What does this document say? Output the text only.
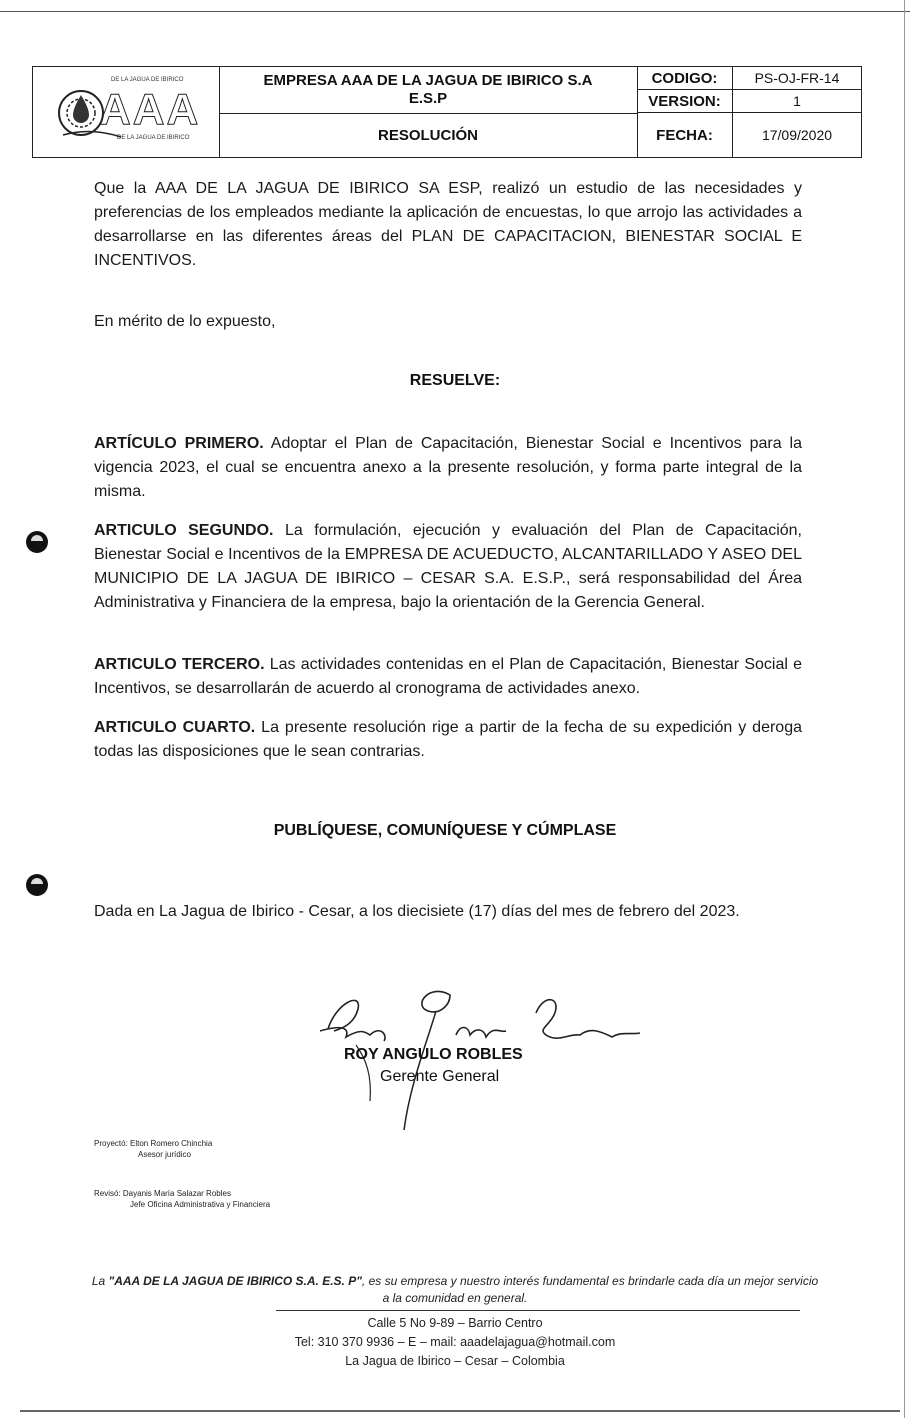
DE LA JAGUA DE IBIRICO
AAA
DE LA JAGUA DE IBIRICO
EMPRESA AAA DE LA JAGUA DE IBIRICO S.A
E.S.P
RESOLUCIÓN
CODIGO:	PS-OJ-FR-14
VERSION:	1
FECHA:	17/09/2020
Que la AAA DE LA JAGUA DE IBIRICO SA ESP, realizó un estudio de las necesidades y preferencias de los empleados mediante la aplicación de encuestas, lo que arrojo las actividades a desarrollarse en las diferentes áreas del PLAN DE CAPACITACION, BIENESTAR SOCIAL E INCENTIVOS.
En mérito de lo expuesto,
RESUELVE:
ARTÍCULO PRIMERO. Adoptar el Plan de Capacitación, Bienestar Social e Incentivos para la vigencia 2023, el cual se encuentra anexo a la presente resolución, y forma parte integral de la misma.
ARTICULO SEGUNDO. La formulación, ejecución y evaluación del Plan de Capacitación, Bienestar Social e Incentivos de la EMPRESA DE ACUEDUCTO, ALCANTARILLADO Y ASEO DEL MUNICIPIO DE LA JAGUA DE IBIRICO – CESAR S.A. E.S.P., será responsabilidad del Área Administrativa y Financiera de la empresa, bajo la orientación de la Gerencia General.
ARTICULO TERCERO. Las actividades contenidas en el Plan de Capacitación, Bienestar Social e Incentivos, se desarrollarán de acuerdo al cronograma de actividades anexo.
ARTICULO CUARTO. La presente resolución rige a partir de la fecha de su expedición y deroga todas las disposiciones que le sean contrarias.
PUBLÍQUESE, COMUNÍQUESE Y CÚMPLASE
Dada en La Jagua de Ibirico - Cesar, a los diecisiete (17) días del mes de febrero del 2023.
ROY ANGULO ROBLES
Gerente General
Proyectó: Elton Romero Chinchia
Asesor jurídico
Revisó: Dayanis María Salazar Robles
Jefe Oficina Administrativa y Financiera
La "AAA DE LA JAGUA DE IBIRICO S.A. E.S. P", es su empresa y nuestro interés fundamental es brindarle cada día un mejor servicio a la comunidad en general.
Calle 5 No 9-89 – Barrio Centro
Tel: 310 370 9936 – E – mail: aaadelajagua@hotmail.com
La Jagua de Ibirico – Cesar – Colombia
